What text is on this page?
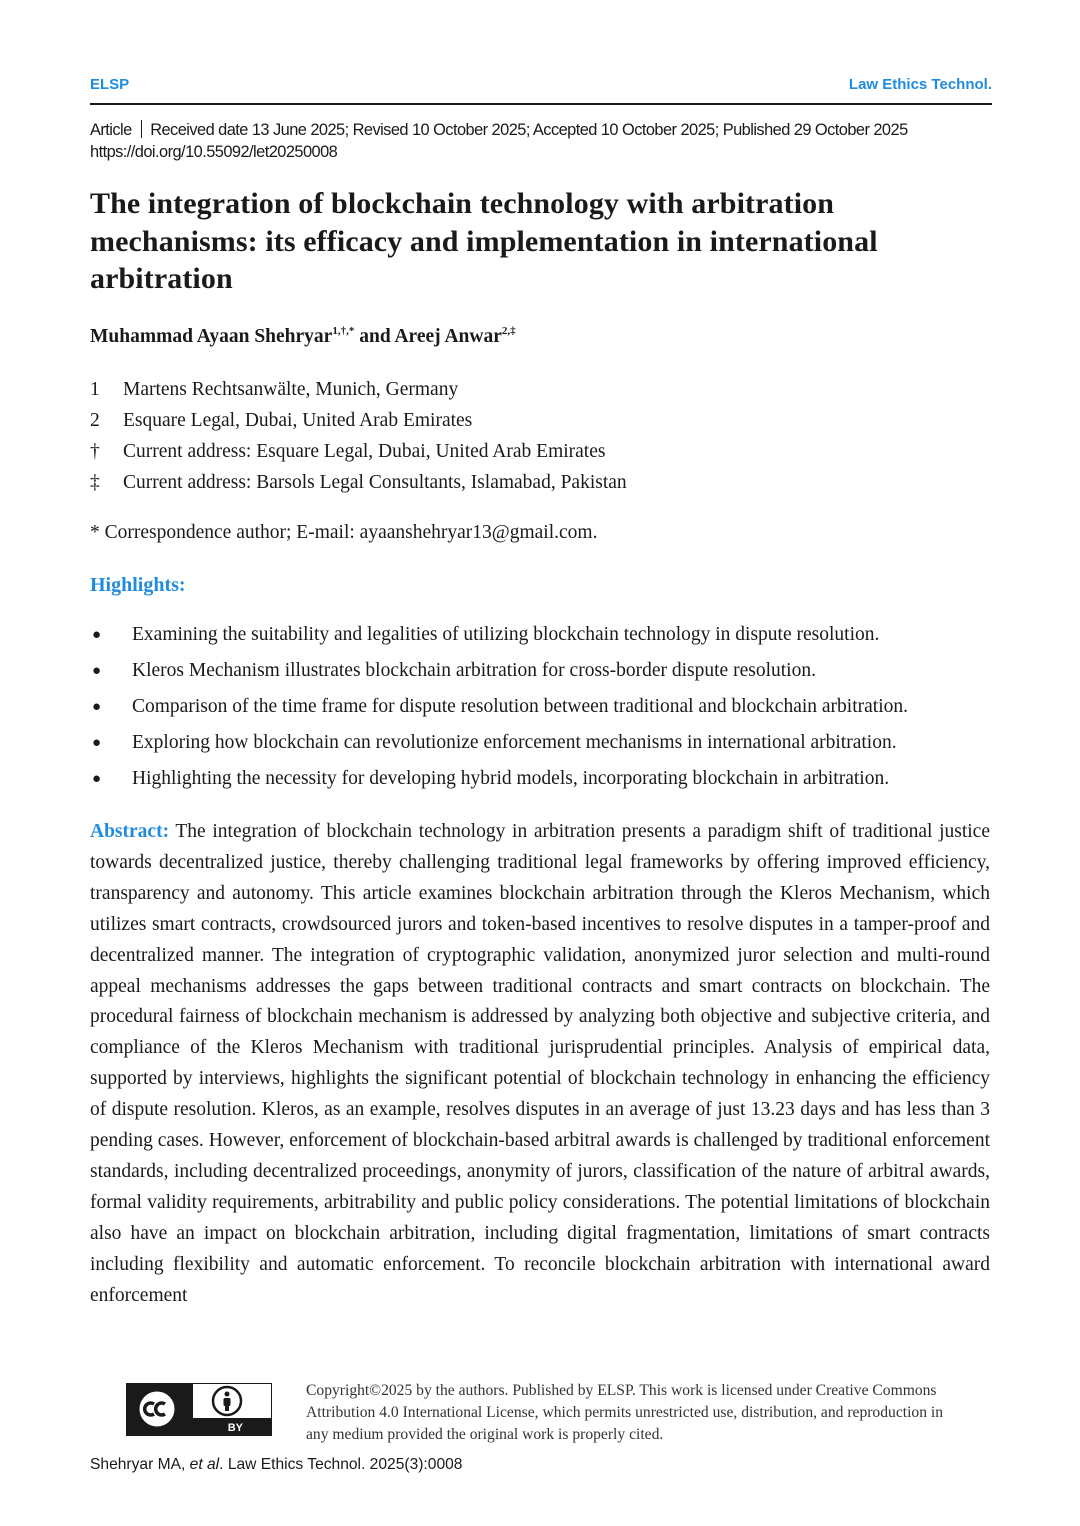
ELSP	Law Ethics Technol.
Article Received date 13 June 2025; Revised 10 October 2025; Accepted 10 October 2025; Published 29 October 2025
https://doi.org/10.55092/let20250008
The integration of blockchain technology with arbitration mechanisms: its efficacy and implementation in international arbitration
Muhammad Ayaan Shehryar$^{1,\dagger,*}$ and Areej Anwar$^{2,\ddagger}$
1	Martens Rechtsanwälte, Munich, Germany
2	Esquare Legal, Dubai, United Arab Emirates
†	Current address: Esquare Legal, Dubai, United Arab Emirates
‡	Current address: Barsols Legal Consultants, Islamabad, Pakistan
* Correspondence author; E-mail: ayaanshehryar13@gmail.com.
Highlights:
●	Examining the suitability and legalities of utilizing blockchain technology in dispute resolution.
●	Kleros Mechanism illustrates blockchain arbitration for cross-border dispute resolution.
●	Comparison of the time frame for dispute resolution between traditional and blockchain arbitration.
●	Exploring how blockchain can revolutionize enforcement mechanisms in international arbitration.
●	Highlighting the necessity for developing hybrid models, incorporating blockchain in arbitration.

Abstract: The integration of blockchain technology in arbitration presents a paradigm shift of traditional justice towards decentralized justice, thereby challenging traditional legal frameworks by offering improved efficiency, transparency and autonomy. This article examines blockchain arbitration through the Kleros Mechanism, which utilizes smart contracts, crowdsourced jurors and token-based incentives to resolve disputes in a tamper-proof and decentralized manner. The integration of cryptographic validation, anonymized juror selection and multi-round appeal mechanisms addresses the gaps between traditional contracts and smart contracts on blockchain. The procedural fairness of blockchain mechanism is addressed by analyzing both objective and subjective criteria, and compliance of the Kleros Mechanism with traditional jurisprudential principles. Analysis of empirical data, supported by interviews, highlights the significant potential of blockchain technology in enhancing the efficiency of dispute resolution. Kleros, as an example, resolves disputes in an average of just 13.23 days and has less than 3 pending cases. However, enforcement of blockchain-based arbitral awards is challenged by traditional enforcement standards, including decentralized proceedings, anonymity of jurors, classification of the nature of arbitral awards, formal validity requirements, arbitrability and public policy considerations. The potential limitations of blockchain also have an impact on blockchain arbitration, including digital fragmentation, limitations of smart contracts including flexibility and automatic enforcement. To reconcile blockchain arbitration with international award enforcement

BY
Copyright©2025 by the authors. Published by ELSP. This work is licensed under Creative Commons Attribution 4.0 International License, which permits unrestricted use, distribution, and reproduction in any medium provided the original work is properly cited.
Shehryar MA, et al. Law Ethics Technol. 2025(3):0008
